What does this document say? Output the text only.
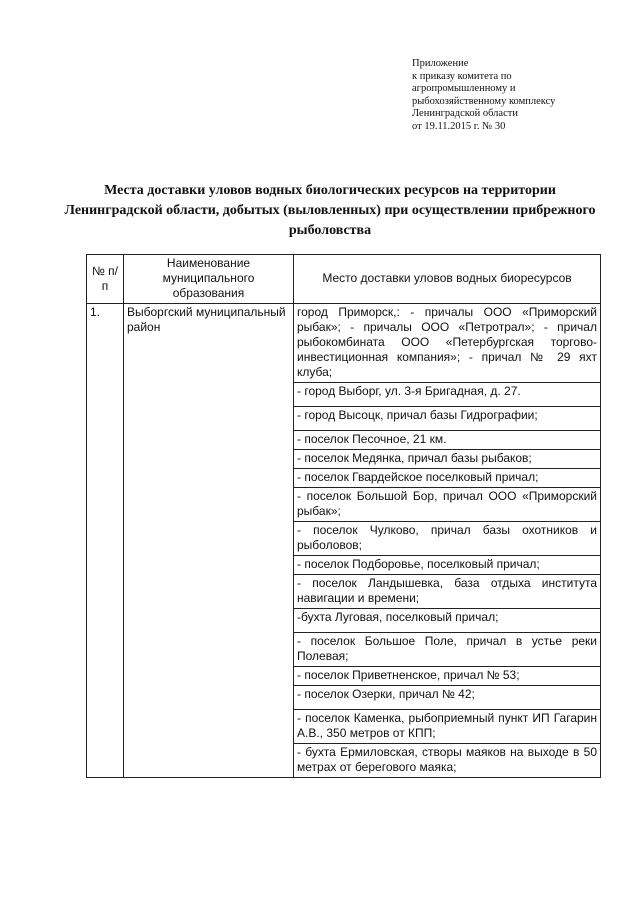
Приложение
к приказу комитета по
агропромышленному и
рыбохозяйственному комплексу
Ленинградской области
от 19.11.2015 г. № 30
Места доставки уловов водных биологических ресурсов на территории Ленинградской области, добытых (выловленных) при осуществлении прибрежного рыболовства
№ п/п	Наименование муниципального образования	Место доставки уловов водных биоресурсов
1.	Выборгский муниципальный район	город Приморск,: - причалы ООО «Приморский рыбак»; - причалы ООО «Петротрал»; - причал рыбокомбината ООО «Петербургская торгово-инвестиционная компания»; - причал № 29 яхт клуба;
		- город Выборг, ул. 3-я Бригадная, д. 27.
		- город Высоцк, причал базы Гидрографии;
		- поселок Песочное, 21 км.
		- поселок Медянка, причал базы рыбаков;
		- поселок Гвардейское поселковый причал;
		- поселок Большой Бор, причал ООО «Приморский рыбак»;
		- поселок Чулково, причал базы охотников и рыболовов;
		- поселок Подборовье, поселковый причал;
		- поселок Ландышевка, база отдыха института навигации и времени;
		-бухта Луговая, поселковый причал;
		- поселок Большое Поле, причал в устье реки Полевая;
		- поселок Приветненское, причал № 53;
		- поселок Озерки, причал № 42;
		- поселок Каменка, рыбоприемный пункт ИП Гагарин А.В., 350 метров от КПП;
		- бухта Ермиловская, створы маяков на выходе в 50 метрах от берегового маяка;
